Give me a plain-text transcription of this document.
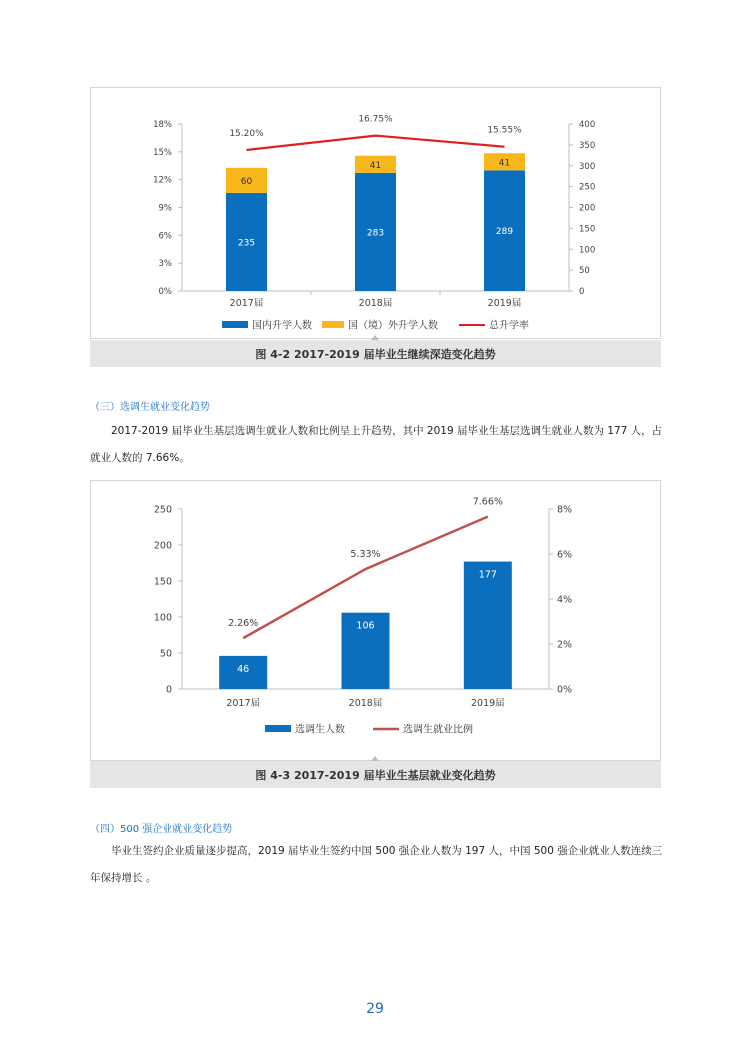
0%
3%
6%
9%
12%
15%
18%
0
50
100
150
200
250
300
350
400
2017届	2018届	2019届
235
60
283
41
289
41
15.20%
16.75%
15.55%
国内升学人数	国（境）外升学人数	总升学率
图 4-2 2017-2019 届毕业生继续深造变化趋势
（三）选调生就业变化趋势
2017-2019 届毕业生基层选调生就业人数和比例呈上升趋势，其中 2019 届毕业生基层选调生就业人数为 177 人，占
就业人数的 7.66%。
0
50
100
150
200
250
0%
2%
4%
6%
8%
2017届	2018届	2019届
46
106
177
2.26%
5.33%
7.66%
选调生人数	选调生就业比例
图 4-3 2017-2019 届毕业生基层就业变化趋势
（四）500 强企业就业变化趋势
毕业生签约企业质量逐步提高，2019 届毕业生签约中国 500 强企业人数为 197 人，中国 500 强企业就业人数连续三
年保持增长 。
29
